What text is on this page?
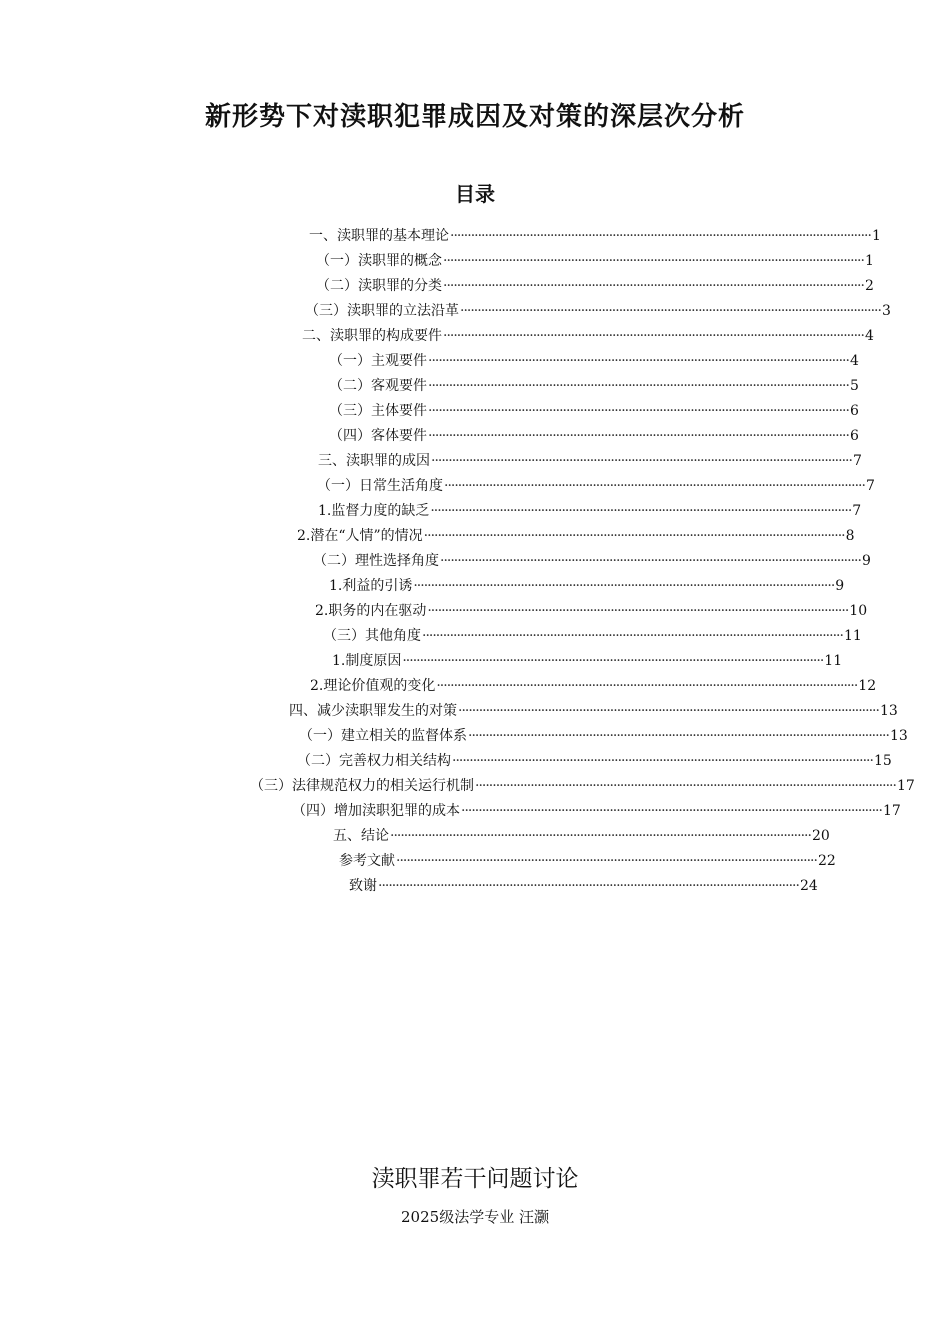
新形势下对渎职犯罪成因及对策的深层次分析
目录
一、渎职罪的基本理论 ·························································································································· 1
（一）渎职罪的概念 ·························································································································· 1
（二）渎职罪的分类 ·························································································································· 2
（三）渎职罪的立法沿革 ·························································································································· 3
二、渎职罪的构成要件 ·························································································································· 4
（一）主观要件 ·························································································································· 4
（二）客观要件 ·························································································································· 5
（三）主体要件 ·························································································································· 6
（四）客体要件 ·························································································································· 6
三、渎职罪的成因 ·························································································································· 7
（一）日常生活角度 ·························································································································· 7
1.监督力度的缺乏 ·························································································································· 7
2.潜在“人情”的情况 ·························································································································· 8
（二）理性选择角度 ·························································································································· 9
1.利益的引诱 ·························································································································· 9
2.职务的内在驱动 ·························································································································· 10
（三）其他角度 ·························································································································· 11
1.制度原因 ·························································································································· 11
2.理论价值观的变化 ·························································································································· 12
四、减少渎职罪发生的对策 ·························································································································· 13
（一）建立相关的监督体系 ·························································································································· 13
（二）完善权力相关结构 ·························································································································· 15
（三）法律规范权力的相关运行机制 ·························································································································· 17
（四）增加渎职犯罪的成本 ·························································································································· 17
五、结论 ·························································································································· 20
参考文献 ·························································································································· 22
致谢 ·························································································································· 24
渎职罪若干问题讨论
2025级法学专业 汪灏
